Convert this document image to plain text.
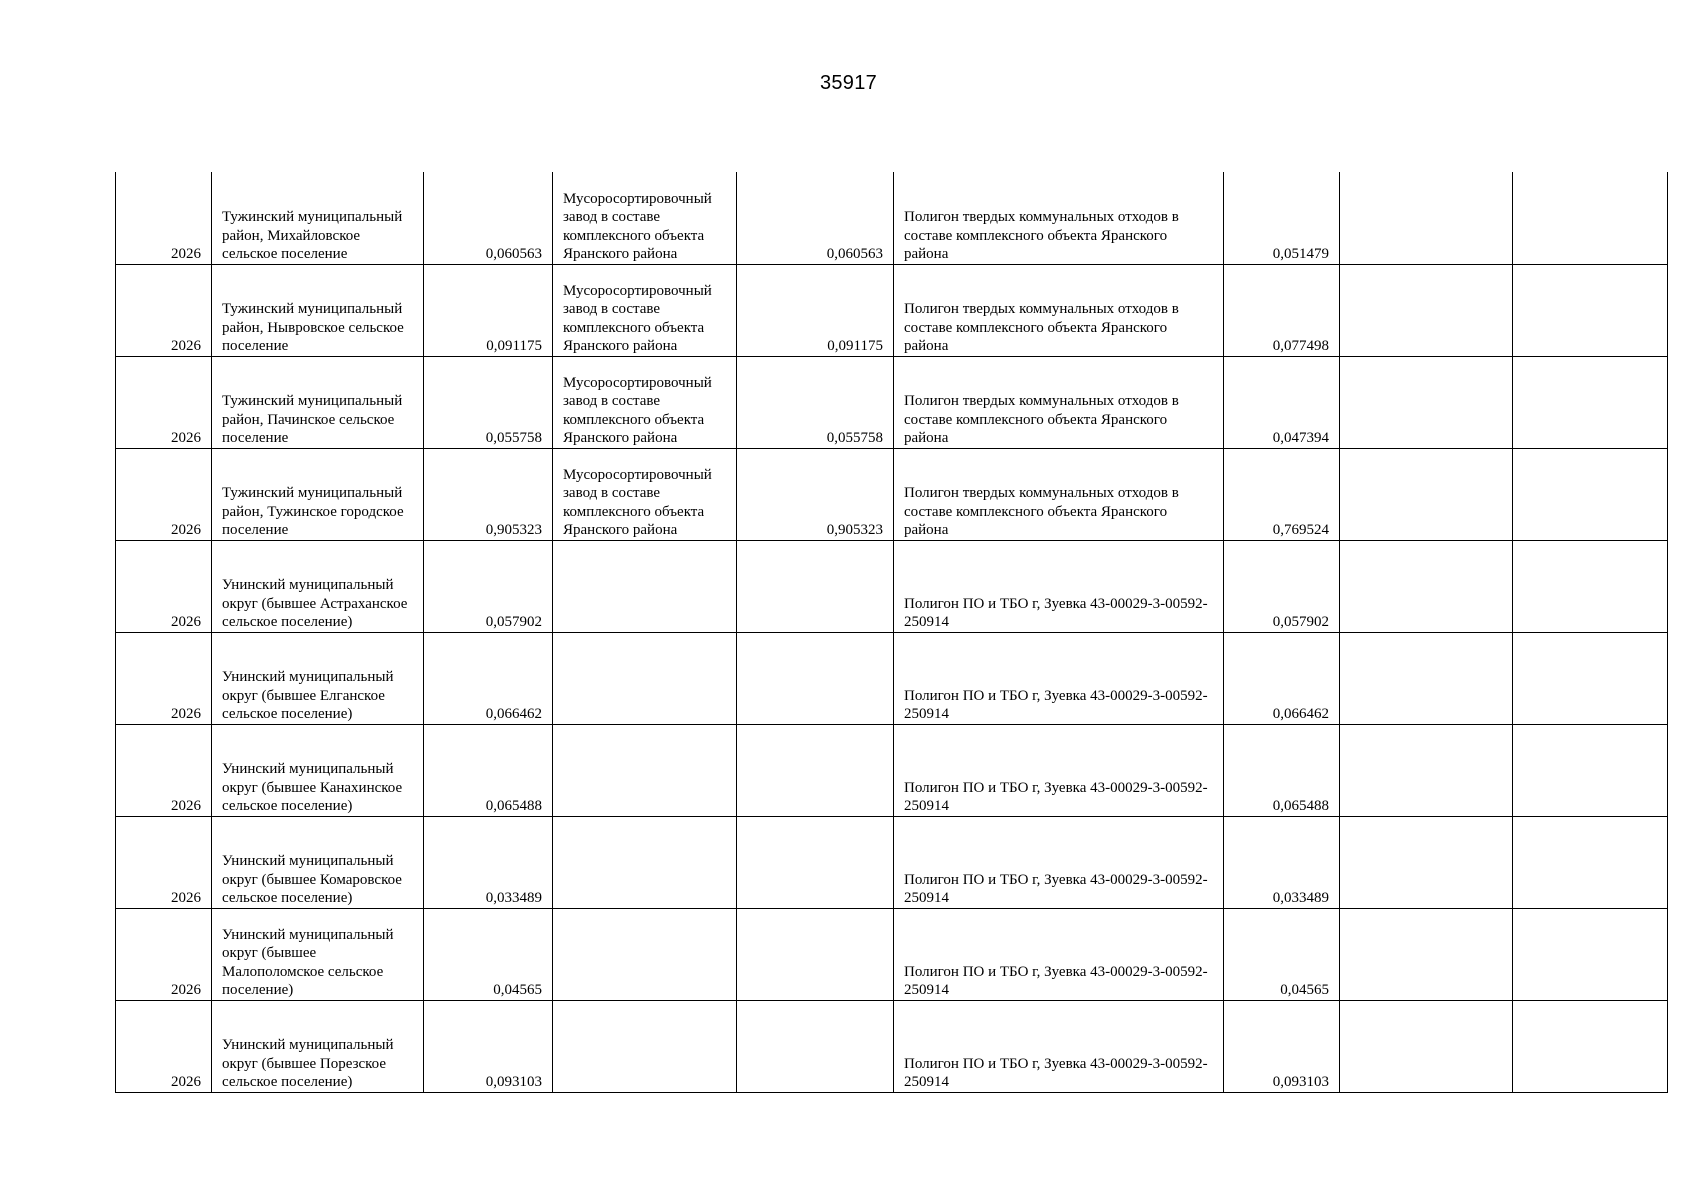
35917
2026	Тужинский муниципальный район, Михайловское сельское поселение	0,060563	Мусоросортировочный завод в составе комплексного объекта Яранского района	0,060563	Полигон твердых коммунальных отходов в составе комплексного объекта Яранского района	0,051479		

2026	Тужинский муниципальный район, Нывровское сельское поселение	0,091175	Мусоросортировочный завод в составе комплексного объекта Яранского района	0,091175	Полигон твердых коммунальных отходов в составе комплексного объекта Яранского района	0,077498		

2026	Тужинский муниципальный район, Пачинское сельское поселение	0,055758	Мусоросортировочный завод в составе комплексного объекта Яранского района	0,055758	Полигон твердых коммунальных отходов в составе комплексного объекта Яранского района	0,047394		

2026	Тужинский муниципальный район, Тужинское городское поселение	0,905323	Мусоросортировочный завод в составе комплексного объекта Яранского района	0,905323	Полигон твердых коммунальных отходов в составе комплексного объекта Яранского района	0,769524		

2026	Унинский муниципальный округ (бывшее Астраханское сельское поселение)	0,057902			Полигон ПО и ТБО г, Зуевка 43-00029-3-00592-250914	0,057902		

2026	Унинский муниципальный округ (бывшее Елганское сельское поселение)	0,066462			Полигон ПО и ТБО г, Зуевка 43-00029-3-00592-250914	0,066462		

2026	Унинский муниципальный округ (бывшее Канахинское сельское поселение)	0,065488			Полигон ПО и ТБО г, Зуевка 43-00029-3-00592-250914	0,065488		

2026	Унинский муниципальный округ (бывшее Комаровское сельское поселение)	0,033489			Полигон ПО и ТБО г, Зуевка 43-00029-3-00592-250914	0,033489		

2026	Унинский муниципальный округ (бывшее Малополомское сельское поселение)	0,04565			Полигон ПО и ТБО г, Зуевка 43-00029-3-00592-250914	0,04565		

2026	Унинский муниципальный округ (бывшее Порезское сельское поселение)	0,093103			Полигон ПО и ТБО г, Зуевка 43-00029-3-00592-250914	0,093103		
